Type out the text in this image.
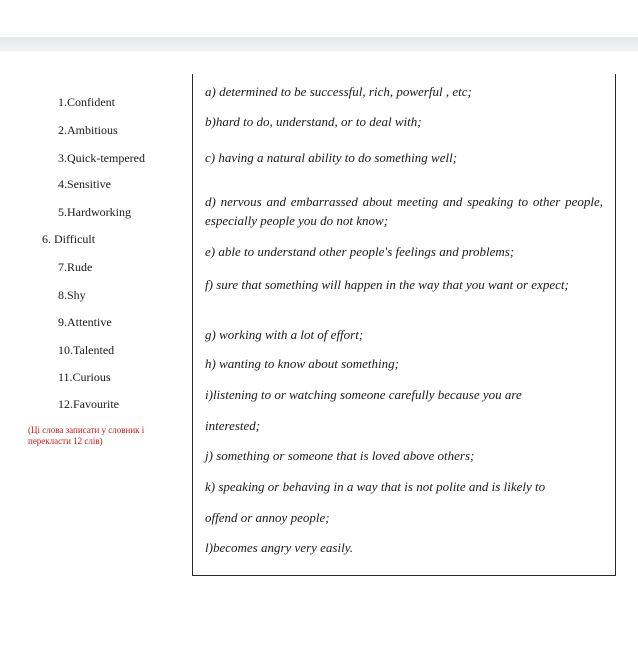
1.Confident
2.Ambitious
3.Quick-tempered
4.Sensitive
5.Hardworking
6. Difficult
7.Rude
8.Shy
9.Attentive
10.Talented
11.Curious
12.Favourite
(Ці слова записати у словник і перекласти 12 слів)
a) determined to be successful, rich, powerful , etc;
b)hard to do, understand, or to deal with;
c) having a natural ability to do something well;
d) nervous and embarrassed about meeting and speaking to other people, especially people you do not know;
e) able to understand other people's feelings and problems;
f) sure that something will happen in the way that you want or expect;
g) working with a lot of effort;
h) wanting to know about something;
i)listening to or watching someone carefully because you are
interested;
j) something or someone that is loved above others;
k) speaking or behaving in a way that is not polite and is likely to
offend or annoy people;
l)becomes angry very easily.
